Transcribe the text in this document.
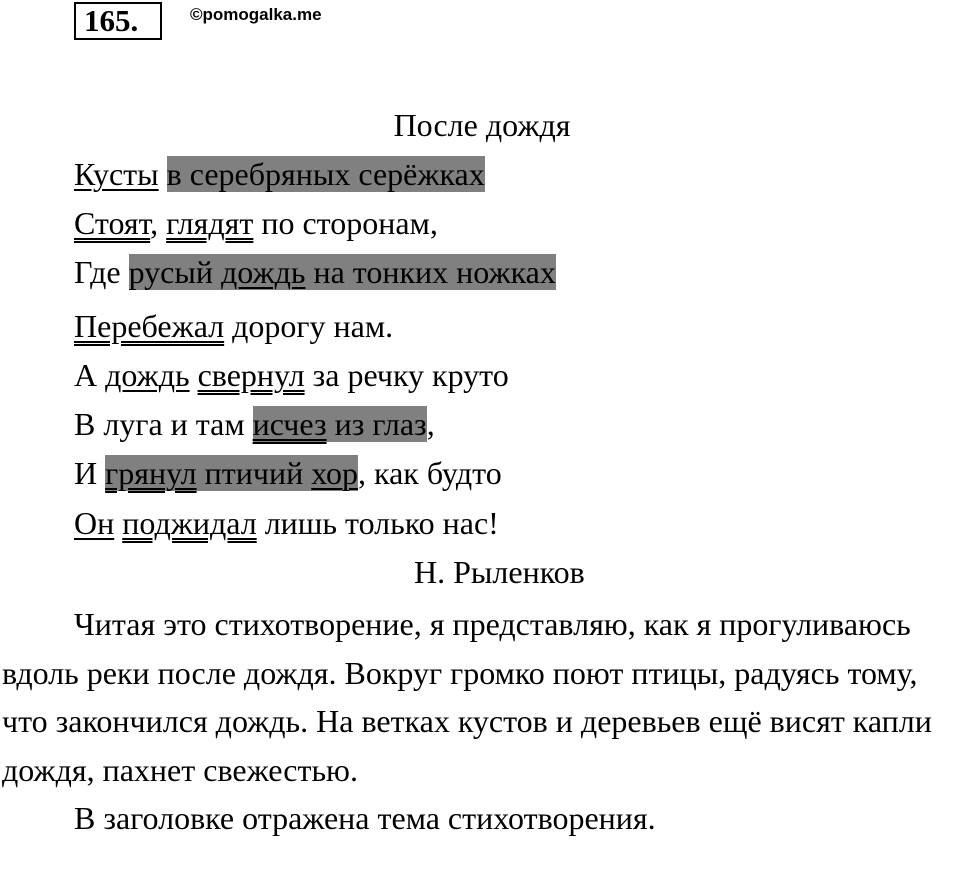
165.	©pomogalka.me
После дождя
Кусты в серебряных серёжках
Стоят, глядят по сторонам,
Где русый дождь на тонких ножках
Перебежал дорогу нам.
А дождь свернул за речку круто
В луга и там исчез из глаз,
И грянул птичий хор, как будто
Он поджидал лишь только нас!
Н. Рыленков

Читая это стихотворение, я представляю, как я прогуливаюсь вдоль реки после дождя. Вокруг громко поют птицы, радуясь тому, что закончился дождь. На ветках кустов и деревьев ещё висят капли дождя, пахнет свежестью.

В заголовке отражена тема стихотворения.
